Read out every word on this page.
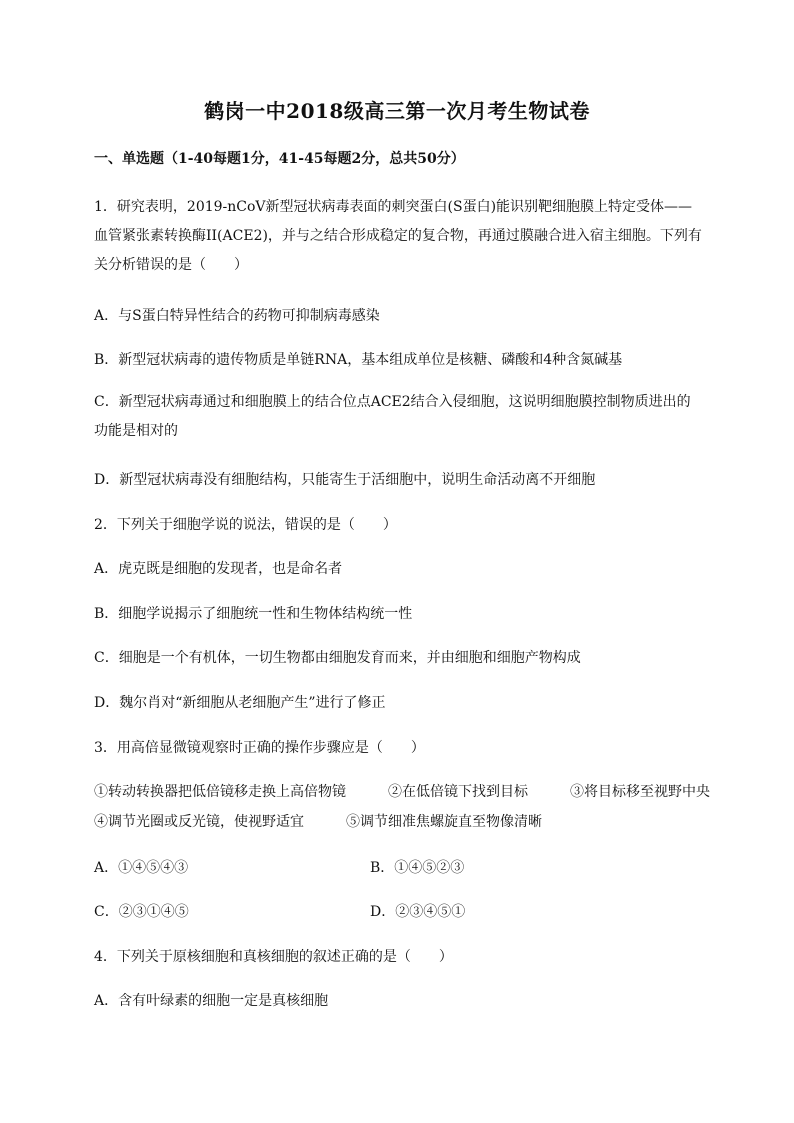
鹤岗一中2018级高三第一次月考生物试卷
一、单选题（1-40每题1分，41-45每题2分，总共50分）
1．研究表明，2019-nCoV新型冠状病毒表面的刺突蛋白(S蛋白)能识别靶细胞膜上特定受体——血管紧张素转换酶II(ACE2)，并与之结合形成稳定的复合物，再通过膜融合进入宿主细胞。下列有关分析错误的是（　　）
A．与S蛋白特异性结合的药物可抑制病毒感染
B．新型冠状病毒的遗传物质是单链RNA，基本组成单位是核糖、磷酸和4种含氮碱基
C．新型冠状病毒通过和细胞膜上的结合位点ACE2结合入侵细胞，这说明细胞膜控制物质进出的功能是相对的
D．新型冠状病毒没有细胞结构，只能寄生于活细胞中，说明生命活动离不开细胞
2．下列关于细胞学说的说法，错误的是（　　）
A．虎克既是细胞的发现者，也是命名者
B．细胞学说揭示了细胞统一性和生物体结构统一性
C．细胞是一个有机体，一切生物都由细胞发育而来，并由细胞和细胞产物构成
D．魏尔肖对“新细胞从老细胞产生”进行了修正
3．用高倍显微镜观察时正确的操作步骤应是（　　）
①转动转换器把低倍镜移走换上高倍物镜　　　②在低倍镜下找到目标　　　③将目标移至视野中央
④调节光圈或反光镜，使视野适宜　　　⑤调节细准焦螺旋直至物像清晰
A．①④⑤④③	B．①④⑤②③
C．②③①④⑤	D．②③④⑤①
4．下列关于原核细胞和真核细胞的叙述正确的是（　　）
A．含有叶绿素的细胞一定是真核细胞
